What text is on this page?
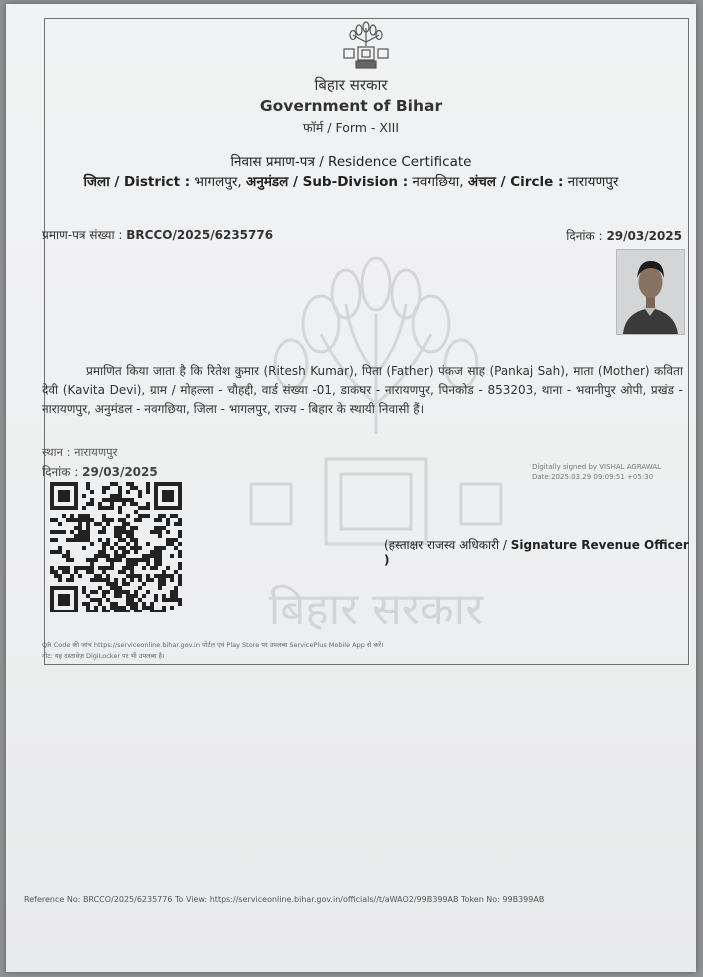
बिहार सरकार
बिहार सरकार
Government of Bihar
फॉर्म / Form - XIII
निवास प्रमाण-पत्र / Residence Certificate
जिला / District : भागलपुर, अनुमंडल / Sub-Division : नवगछिया, अंचल / Circle : नारायणपुर
प्रमाण-पत्र संख्या : BRCCO/2025/6235776	दिनांक : 29/03/2025
प्रमाणित किया जाता है कि रितेश कुमार (Ritesh Kumar), पिता (Father) पंकज साह (Pankaj Sah), माता (Mother) कविता देवी (Kavita Devi), ग्राम / मोहल्ला - चौहद्दी, वार्ड संख्या -01, डाकघर - नारायणपुर, पिनकोड - 853203, थाना - भवानीपुर ओपी, प्रखंड - नारायणपुर, अनुमंडल - नवगछिया, जिला - भागलपुर, राज्य - बिहार के स्थायी निवासी हैं।
स्थान : नारायणपुर
दिनांक : 29/03/2025	Digitally signed by VISHAL AGRAWAL
Date:2025.03.29 09:09:51 +05:30
(हस्ताक्षर राजस्व अधिकारी / Signature Revenue Officer )
QR Code की जांच https://serviceonline.bihar.gov.in पोर्टल एवं Play Store पर उपलब्ध ServicePlus Mobile App से करें।
नोट: यह दस्तावेज़ DigiLocker पर भी उपलब्ध है।
Reference No: BRCCO/2025/6235776 To View: https://serviceonline.bihar.gov.in/officials//t/aWAO2/99B399AB Token No: 99B399AB
